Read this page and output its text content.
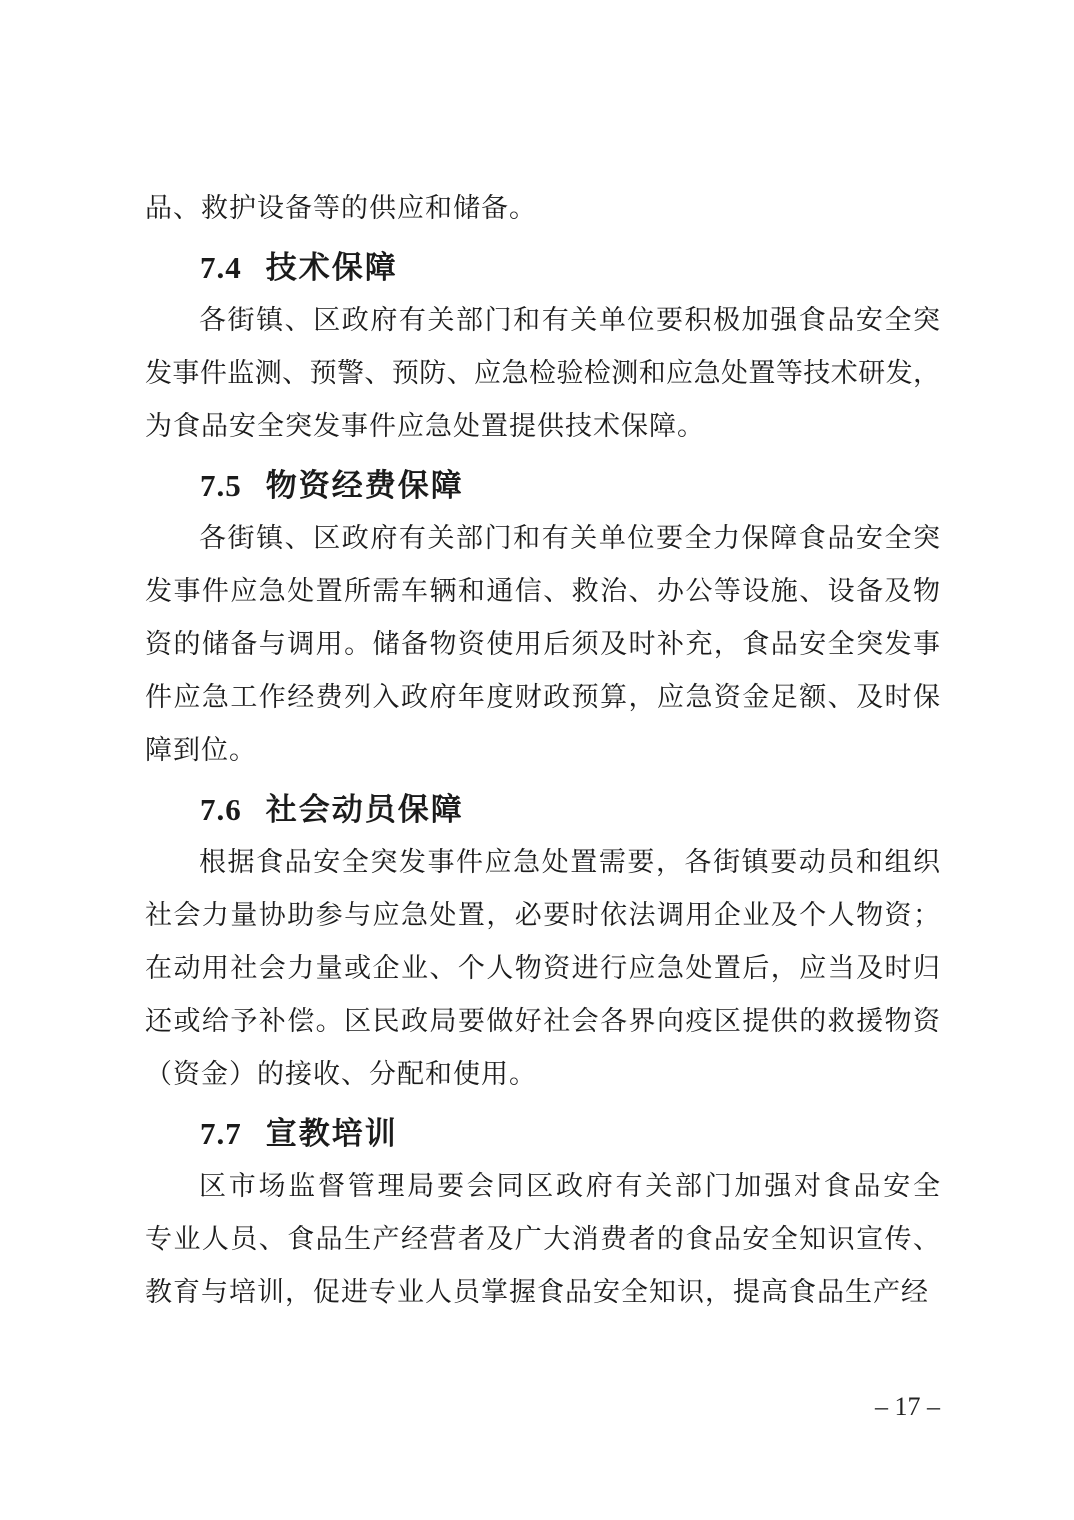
品、救护设备等的供应和储备。
7.4 技术保障
各街镇、区政府有关部门和有关单位要积极加强食品安全突
发事件监测、预警、预防、应急检验检测和应急处置等技术研发，
为食品安全突发事件应急处置提供技术保障。
7.5 物资经费保障
各街镇、区政府有关部门和有关单位要全力保障食品安全突
发事件应急处置所需车辆和通信、救治、办公等设施、设备及物
资的储备与调用。储备物资使用后须及时补充，食品安全突发事
件应急工作经费列入政府年度财政预算，应急资金足额、及时保
障到位。
7.6 社会动员保障
根据食品安全突发事件应急处置需要，各街镇要动员和组织
社会力量协助参与应急处置，必要时依法调用企业及个人物资；
在动用社会力量或企业、个人物资进行应急处置后，应当及时归
还或给予补偿。区民政局要做好社会各界向疫区提供的救援物资
（资金）的接收、分配和使用。
7.7 宣教培训
区市场监督管理局要会同区政府有关部门加强对食品安全
专业人员、食品生产经营者及广大消费者的食品安全知识宣传、
教育与培训，促进专业人员掌握食品安全知识，提高食品生产经
– 17 –
